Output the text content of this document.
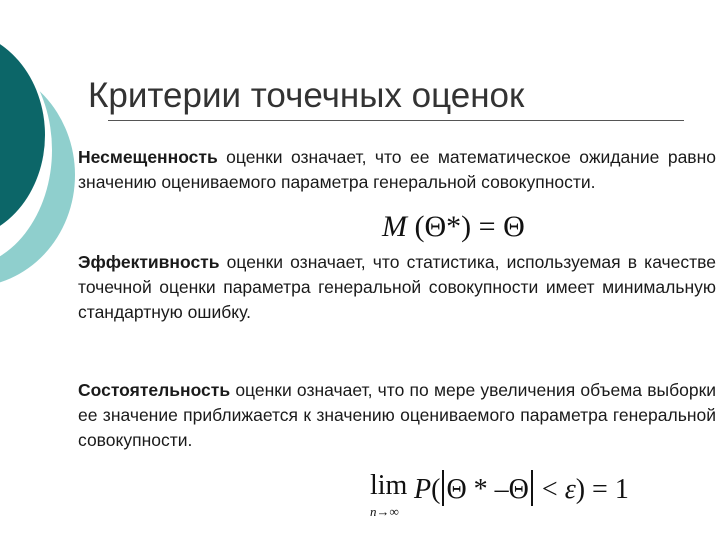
Критерии точечных оценок

Несмещенность оценки означает, что ее математическое ожидание равно значению оцениваемого параметра генеральной совокупности.

M (Θ*) = Θ

Эффективность оценки означает, что статистика, используемая в качестве точечной оценки параметра генеральной совокупности имеет минимальную стандартную ошибку.

Состоятельность оценки означает, что по мере увеличения объема выборки ее значение приближается к значению оцениваемого параметра генеральной совокупности.

lim
n→∞
P( Θ * –Θ < ε) = 1
